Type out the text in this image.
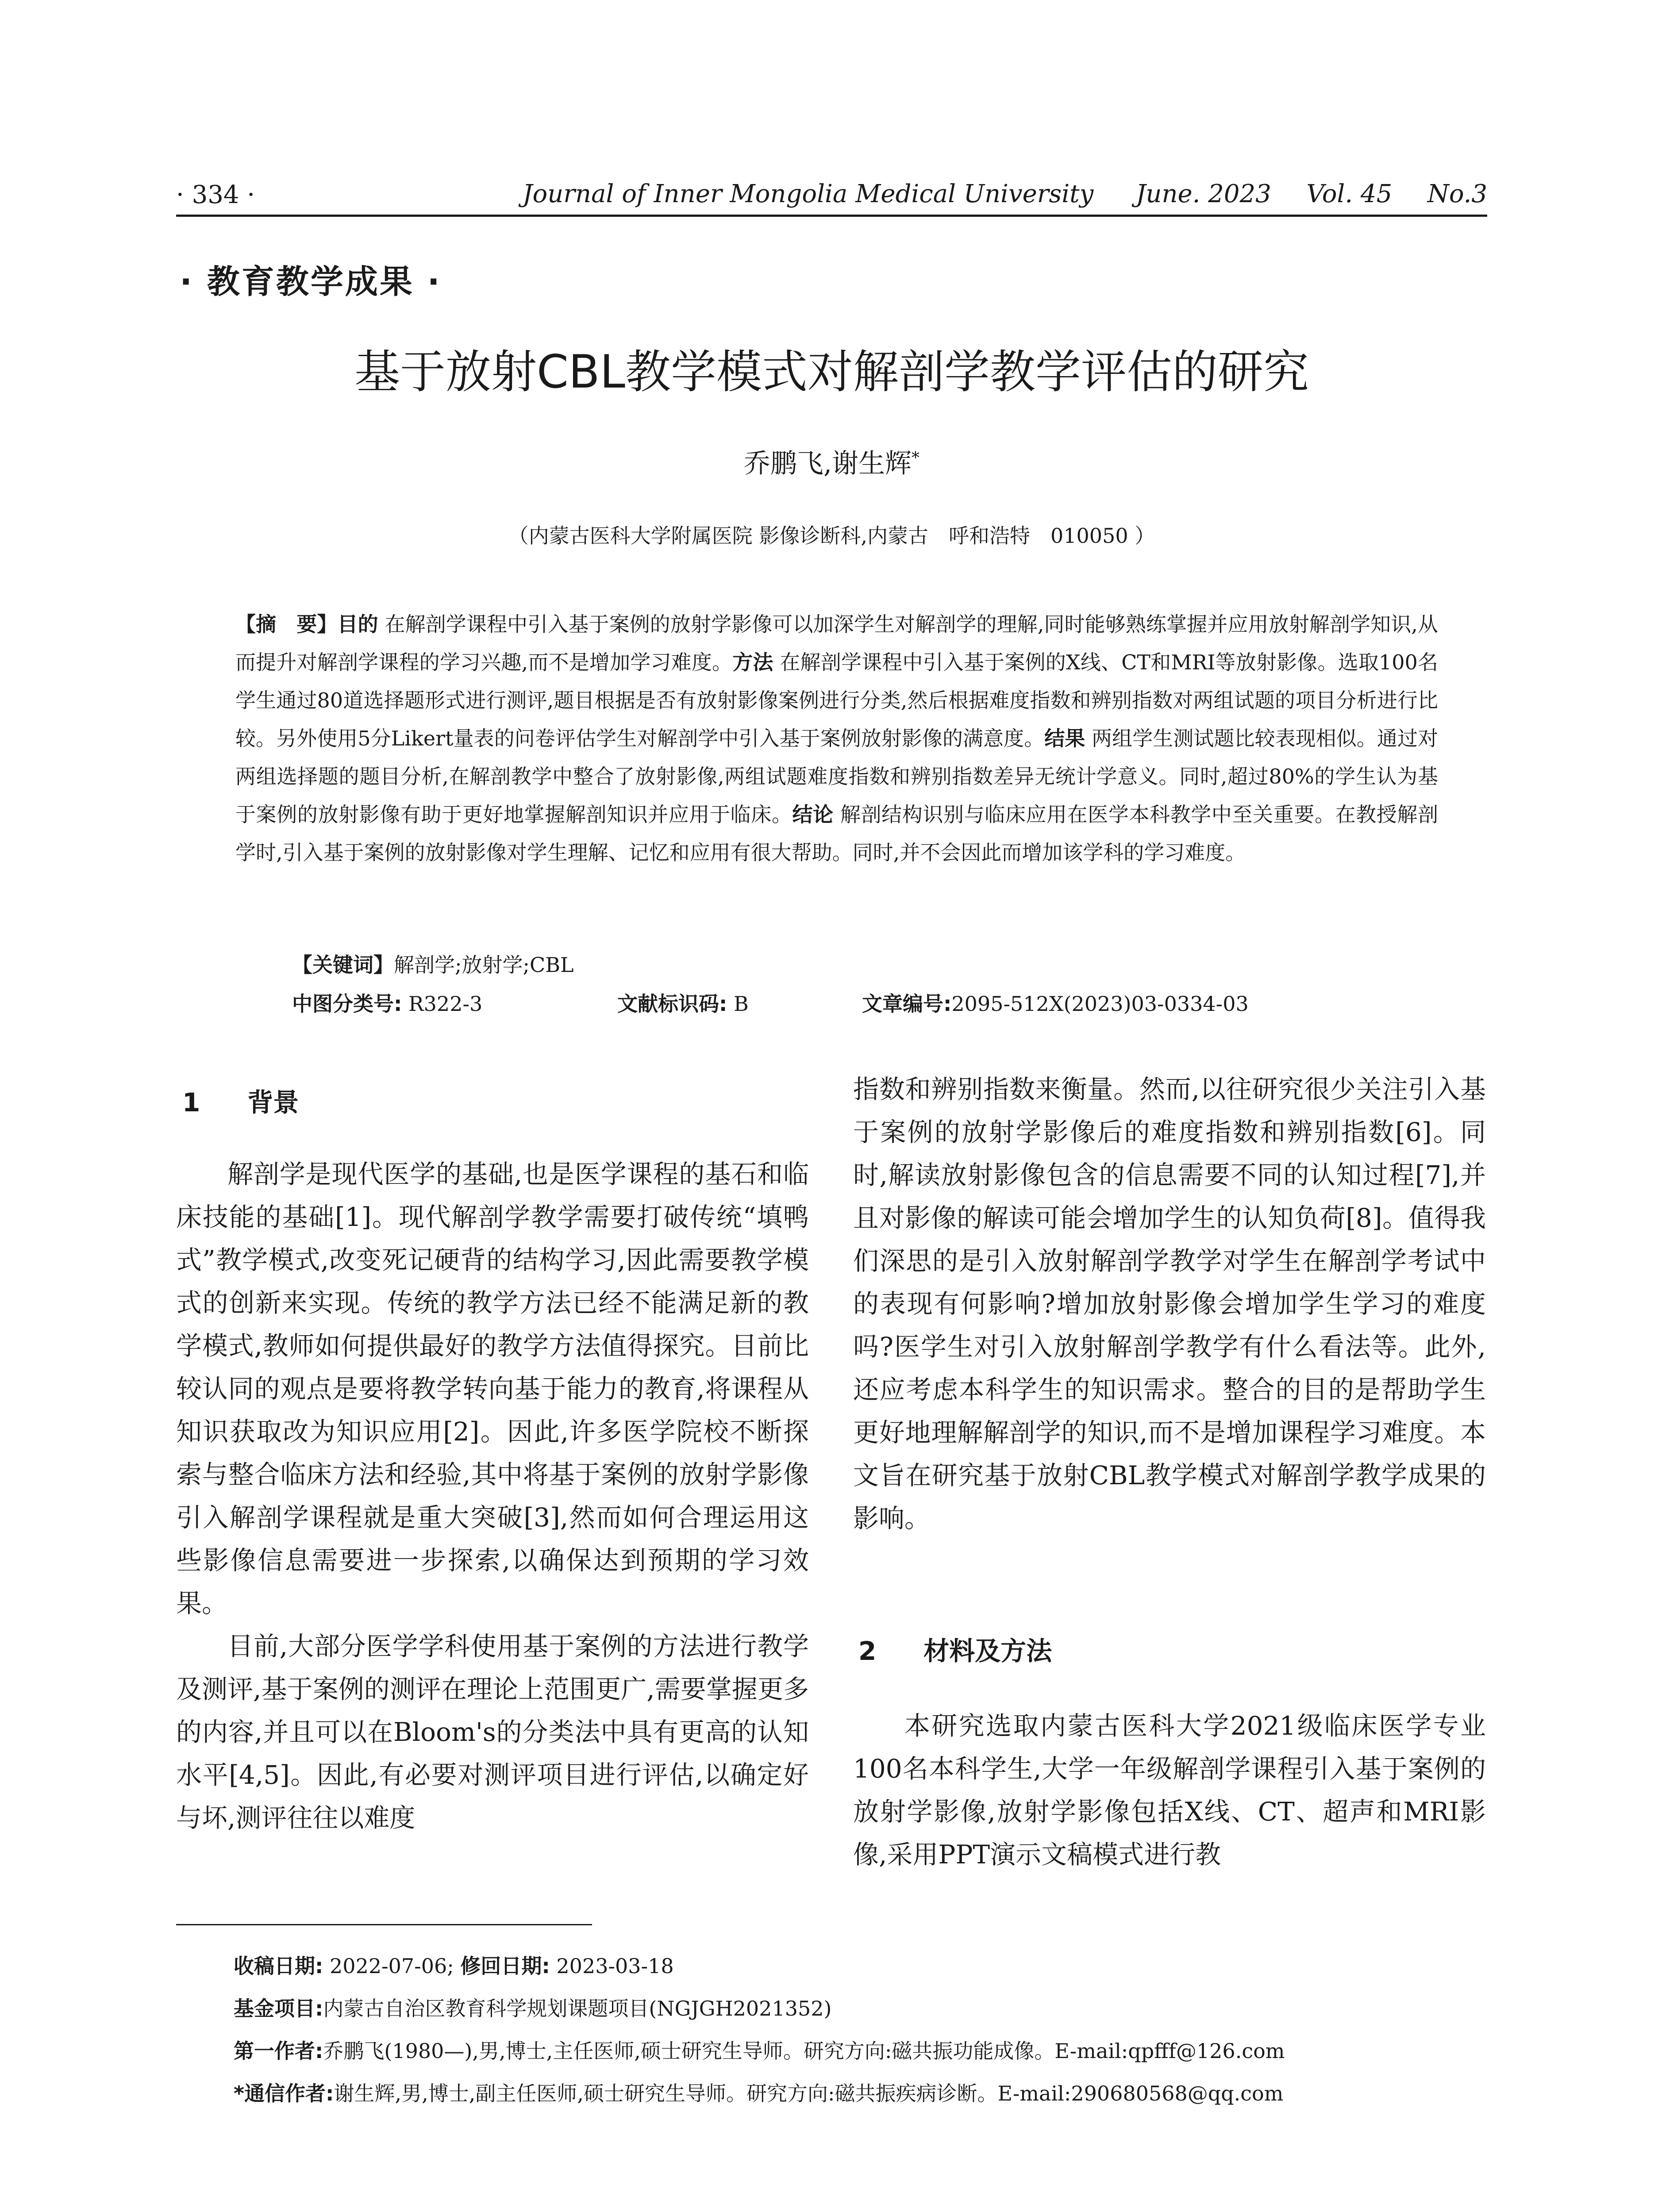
· 334 ·	Journal of Inner Mongolia Medical University June. 2023 Vol. 45 No.3
· 教育教学成果 ·
基于放射CBL教学模式对解剖学教学评估的研究
乔鹏飞,谢生辉*
（内蒙古医科大学附属医院 影像诊断科,内蒙古　呼和浩特　010050 ）
【摘　要】目的 在解剖学课程中引入基于案例的放射学影像可以加深学生对解剖学的理解,同时能够熟练掌握并应用放射解剖学知识,从而提升对解剖学课程的学习兴趣,而不是增加学习难度。方法 在解剖学课程中引入基于案例的X线、CT和MRI等放射影像。选取100名学生通过80道选择题形式进行测评,题目根据是否有放射影像案例进行分类,然后根据难度指数和辨别指数对两组试题的项目分析进行比较。另外使用5分Likert量表的问卷评估学生对解剖学中引入基于案例放射影像的满意度。结果 两组学生测试题比较表现相似。通过对两组选择题的题目分析,在解剖教学中整合了放射影像,两组试题难度指数和辨别指数差异无统计学意义。同时,超过80%的学生认为基于案例的放射影像有助于更好地掌握解剖知识并应用于临床。结论 解剖结构识别与临床应用在医学本科教学中至关重要。在教授解剖学时,引入基于案例的放射影像对学生理解、记忆和应用有很大帮助。同时,并不会因此而增加该学科的学习难度。
【关键词】解剖学;放射学;CBL
中图分类号: R322-3	文献标识码: B	文章编号:2095-512X(2023)03-0334-03
1 背景

解剖学是现代医学的基础,也是医学课程的基石和临床技能的基础[1]。现代解剖学教学需要打破传统“填鸭式”教学模式,改变死记硬背的结构学习,因此需要教学模式的创新来实现。传统的教学方法已经不能满足新的教学模式,教师如何提供最好的教学方法值得探究。目前比较认同的观点是要将教学转向基于能力的教育,将课程从知识获取改为知识应用[2]。因此,许多医学院校不断探索与整合临床方法和经验,其中将基于案例的放射学影像引入解剖学课程就是重大突破[3],然而如何合理运用这些影像信息需要进一步探索,以确保达到预期的学习效果。

目前,大部分医学学科使用基于案例的方法进行教学及测评,基于案例的测评在理论上范围更广,需要掌握更多的内容,并且可以在Bloom's的分类法中具有更高的认知水平[4,5]。因此,有必要对测评项目进行评估,以确定好与坏,测评往往以难度

指数和辨别指数来衡量。然而,以往研究很少关注引入基于案例的放射学影像后的难度指数和辨别指数[6]。同时,解读放射影像包含的信息需要不同的认知过程[7],并且对影像的解读可能会增加学生的认知负荷[8]。值得我们深思的是引入放射解剖学教学对学生在解剖学考试中的表现有何影响?增加放射影像会增加学生学习的难度吗?医学生对引入放射解剖学教学有什么看法等。此外,还应考虑本科学生的知识需求。整合的目的是帮助学生更好地理解解剖学的知识,而不是增加课程学习难度。本文旨在研究基于放射CBL教学模式对解剖学教学成果的影响。

2 材料及方法

本研究选取内蒙古医科大学2021级临床医学专业100名本科学生,大学一年级解剖学课程引入基于案例的放射学影像,放射学影像包括X线、CT、超声和MRI影像,采用PPT演示文稿模式进行教

收稿日期: 2022-07-06; 修回日期: 2023-03-18
基金项目:内蒙古自治区教育科学规划课题项目(NGJGH2021352)
第一作者:乔鹏飞(1980—),男,博士,主任医师,硕士研究生导师。研究方向:磁共振功能成像。E-mail:qpfff@126.com
*通信作者:谢生辉,男,博士,副主任医师,硕士研究生导师。研究方向:磁共振疾病诊断。E-mail:290680568@qq.com
